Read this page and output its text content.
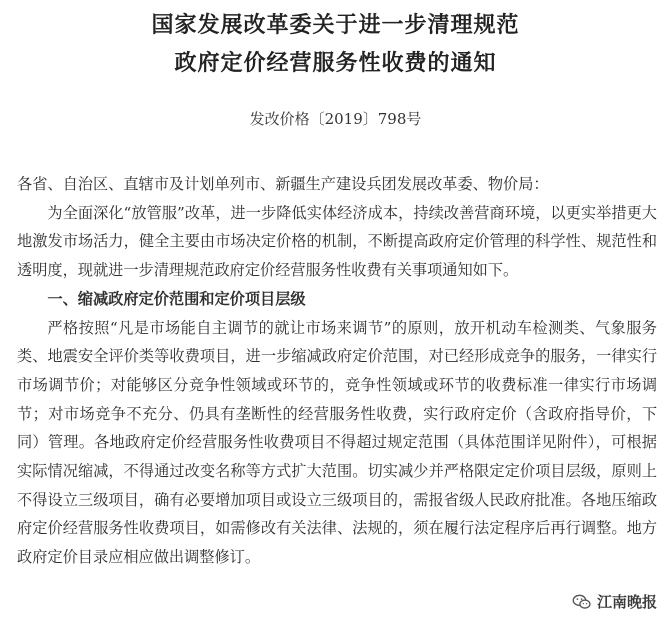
国家发展改革委关于进一步清理规范
政府定价经营服务性收费的通知
发改价格〔2019〕798号

各省、自治区、直辖市及计划单列市、新疆生产建设兵团发展改革委、物价局：

为全面深化“放管服”改革，进一步降低实体经济成本，持续改善营商环境，以更实举措更大地激发市场活力，健全主要由市场决定价格的机制，不断提高政府定价管理的科学性、规范性和透明度，现就进一步清理规范政府定价经营服务性收费有关事项通知如下。

一、缩减政府定价范围和定价项目层级

严格按照“凡是市场能自主调节的就让市场来调节”的原则，放开机动车检测类、气象服务类、地震安全评价类等收费项目，进一步缩减政府定价范围，对已经形成竞争的服务，一律实行市场调节价；对能够区分竞争性领域或环节的，竞争性领域或环节的收费标准一律实行市场调节；对市场竞争不充分、仍具有垄断性的经营服务性收费，实行政府定价（含政府指导价，下同）管理。各地政府定价经营服务性收费项目不得超过规定范围（具体范围详见附件），可根据实际情况缩减，不得通过改变名称等方式扩大范围。切实减少并严格限定定价项目层级，原则上不得设立三级项目，确有必要增加项目或设立三级项目的，需报省级人民政府批准。各地压缩政府定价经营服务性收费项目，如需修改有关法律、法规的，须在履行法定程序后再行调整。地方政府定价目录应相应做出调整修订。

江南晚报
